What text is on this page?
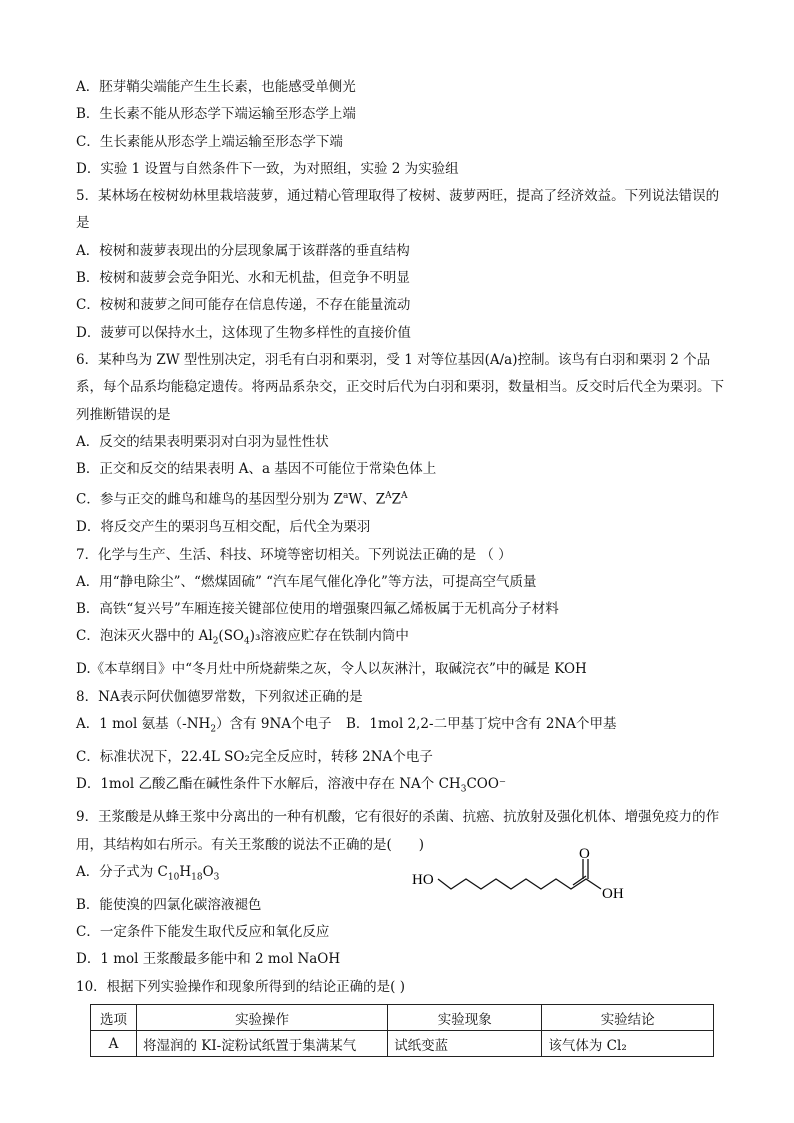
A．胚芽鞘尖端能产生生长素，也能感受单侧光
B．生长素不能从形态学下端运输至形态学上端
C．生长素能从形态学上端运输至形态学下端
D．实验 1 设置与自然条件下一致，为对照组，实验 2 为实验组
5．某林场在桉树幼林里栽培菠萝，通过精心管理取得了桉树、菠萝两旺，提高了经济效益。下列说法错误的是
A．桉树和菠萝表现出的分层现象属于该群落的垂直结构
B．桉树和菠萝会竞争阳光、水和无机盐，但竞争不明显
C．桉树和菠萝之间可能存在信息传递，不存在能量流动
D．菠萝可以保持水土，这体现了生物多样性的直接价值
6．某种鸟为 ZW 型性别决定，羽毛有白羽和栗羽，受 1 对等位基因(A/a)控制。该鸟有白羽和栗羽 2 个品系，每个品系均能稳定遗传。将两品系杂交，正交时后代为白羽和栗羽，数量相当。反交时后代全为栗羽。下列推断错误的是
A．反交的结果表明栗羽对白羽为显性性状
B．正交和反交的结果表明 A、a 基因不可能位于常染色体上
C．参与正交的雌鸟和雄鸟的基因型分别为 $Z^aW$、$Z^AZ^A$
D．将反交产生的栗羽鸟互相交配，后代全为栗羽
7．化学与生产、生活、科技、环境等密切相关。下列说法正确的是 （ ）
A．用“静电除尘”、“燃煤固硫” “汽车尾气催化净化”等方法，可提高空气质量
B．高铁“复兴号”车厢连接关键部位使用的增强聚四氟乙烯板属于无机高分子材料
C．泡沫灭火器中的 $Al_2(SO_4)_3$溶液应贮存在铁制内筒中
D.《本草纲目》中“冬月灶中所烧薪柴之灰，令人以灰淋汁，取碱浣衣”中的碱是 KOH
8．NA表示阿伏伽德罗常数，下列叙述正确的是
A．1 mol 氨基$(-NH_2)$含有 9NA个电子 B．1mol 2,2-二甲基丁烷中含有 2NA个甲基
C．标准状况下，22.4L SO₂完全反应时，转移 2NA个电子
D．1mol 乙酸乙酯在碱性条件下水解后，溶液中存在 NA个 $CH_3COO^-$
9．王浆酸是从蜂王浆中分离出的一种有机酸，它有很好的杀菌、抗癌、抗放射及强化机体、增强免疫力的作用，其结构如右所示。有关王浆酸的说法不正确的是(　　)
A．分子式为 $C_{10}H_{18}O_3$
B．能使溴的四氯化碳溶液褪色
C．一定条件下能发生取代反应和氧化反应
D．1 mol 王浆酸最多能中和 2 mol NaOH
HO
O
OH
10．根据下列实验操作和现象所得到的结论正确的是( )
选项	实验操作	实验现象	实验结论
A	将湿润的 KI-淀粉试纸置于集满某气	试纸变蓝	该气体为 Cl₂
